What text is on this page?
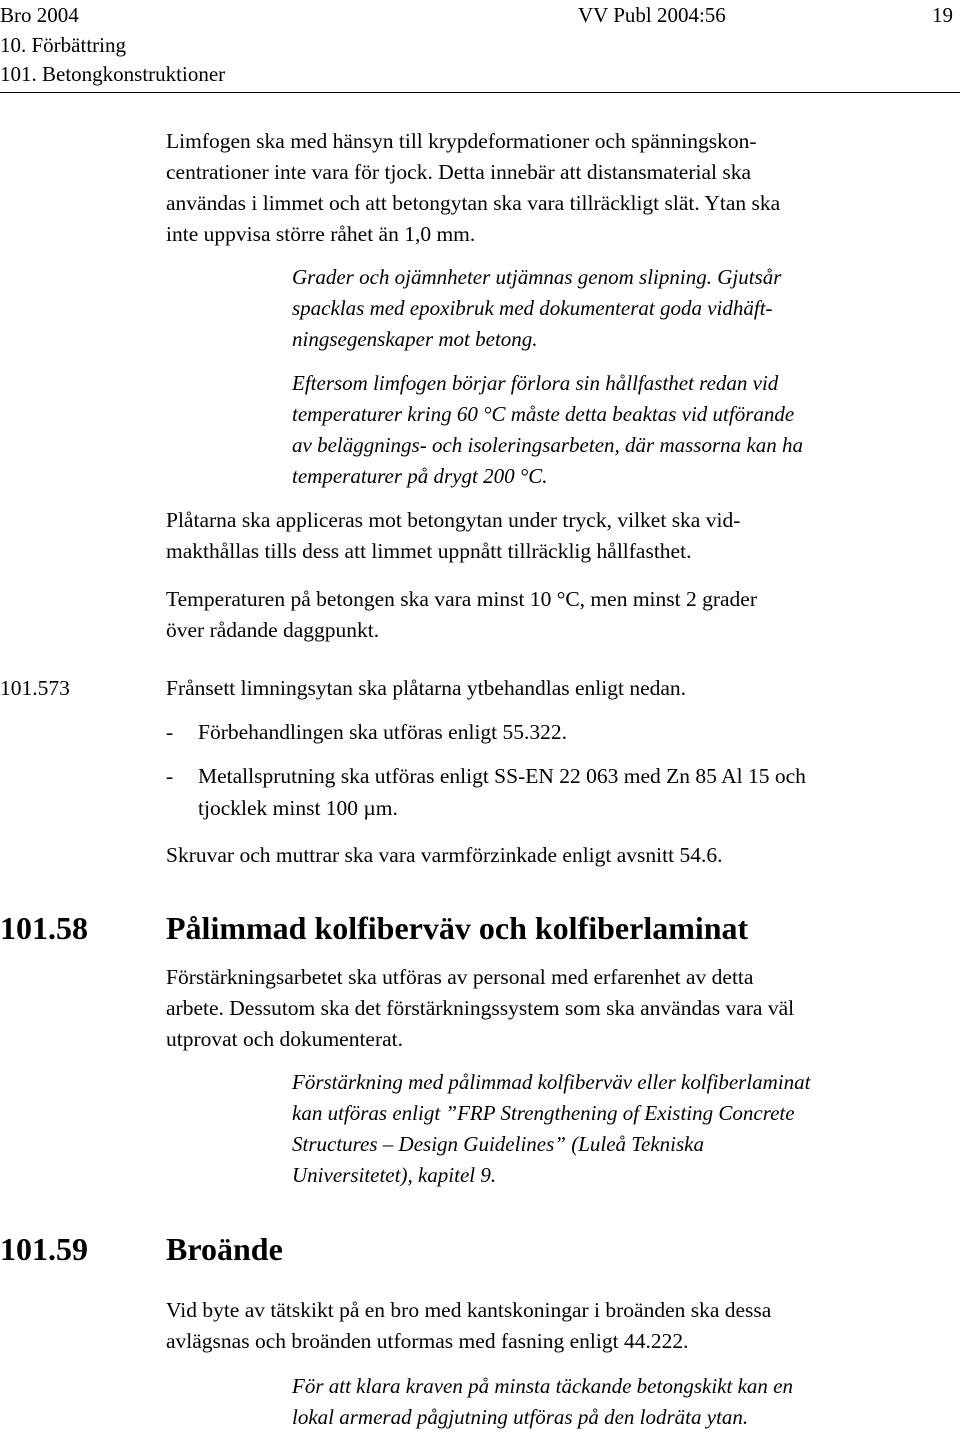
Bro 2004
10. Förbättring
101. Betongkonstruktioner
VV Publ 2004:56	19
Limfogen ska med hänsyn till krypdeformationer och spänningskon-
centrationer inte vara för tjock. Detta innebär att distansmaterial ska
användas i limmet och att betongytan ska vara tillräckligt slät. Ytan ska
inte uppvisa större råhet än 1,0 mm.
Grader och ojämnheter utjämnas genom slipning. Gjutsår
spacklas med epoxibruk med dokumenterat goda vidhäft-
ningsegenskaper mot betong.
Eftersom limfogen börjar förlora sin hållfasthet redan vid
temperaturer kring 60 °C måste detta beaktas vid utförande
av beläggnings- och isoleringsarbeten, där massorna kan ha
temperaturer på drygt 200 °C.
Plåtarna ska appliceras mot betongytan under tryck, vilket ska vid-
makthållas tills dess att limmet uppnått tillräcklig hållfasthet.
Temperaturen på betongen ska vara minst 10 °C, men minst 2 grader
över rådande daggpunkt.
101.573	Frånsett limningsytan ska plåtarna ytbehandlas enligt nedan.
- Förbehandlingen ska utföras enligt 55.322.
- Metallsprutning ska utföras enligt SS-EN 22 063 med Zn 85 Al 15 och
tjocklek minst 100 µm.
Skruvar och muttrar ska vara varmförzinkade enligt avsnitt 54.6.
101.58 Pålimmad kolfiberväv och kolfiberlaminat
Förstärkningsarbetet ska utföras av personal med erfarenhet av detta
arbete. Dessutom ska det förstärkningssystem som ska användas vara väl
utprovat och dokumenterat.
Förstärkning med pålimmad kolfiberväv eller kolfiberlaminat
kan utföras enligt ”FRP Strengthening of Existing Concrete
Structures – Design Guidelines” (Luleå Tekniska
Universitetet), kapitel 9.
101.59 Broände
Vid byte av tätskikt på en bro med kantskoningar i broänden ska dessa
avlägsnas och broänden utformas med fasning enligt 44.222.
För att klara kraven på minsta täckande betongskikt kan en
lokal armerad pågjutning utföras på den lodräta ytan.
